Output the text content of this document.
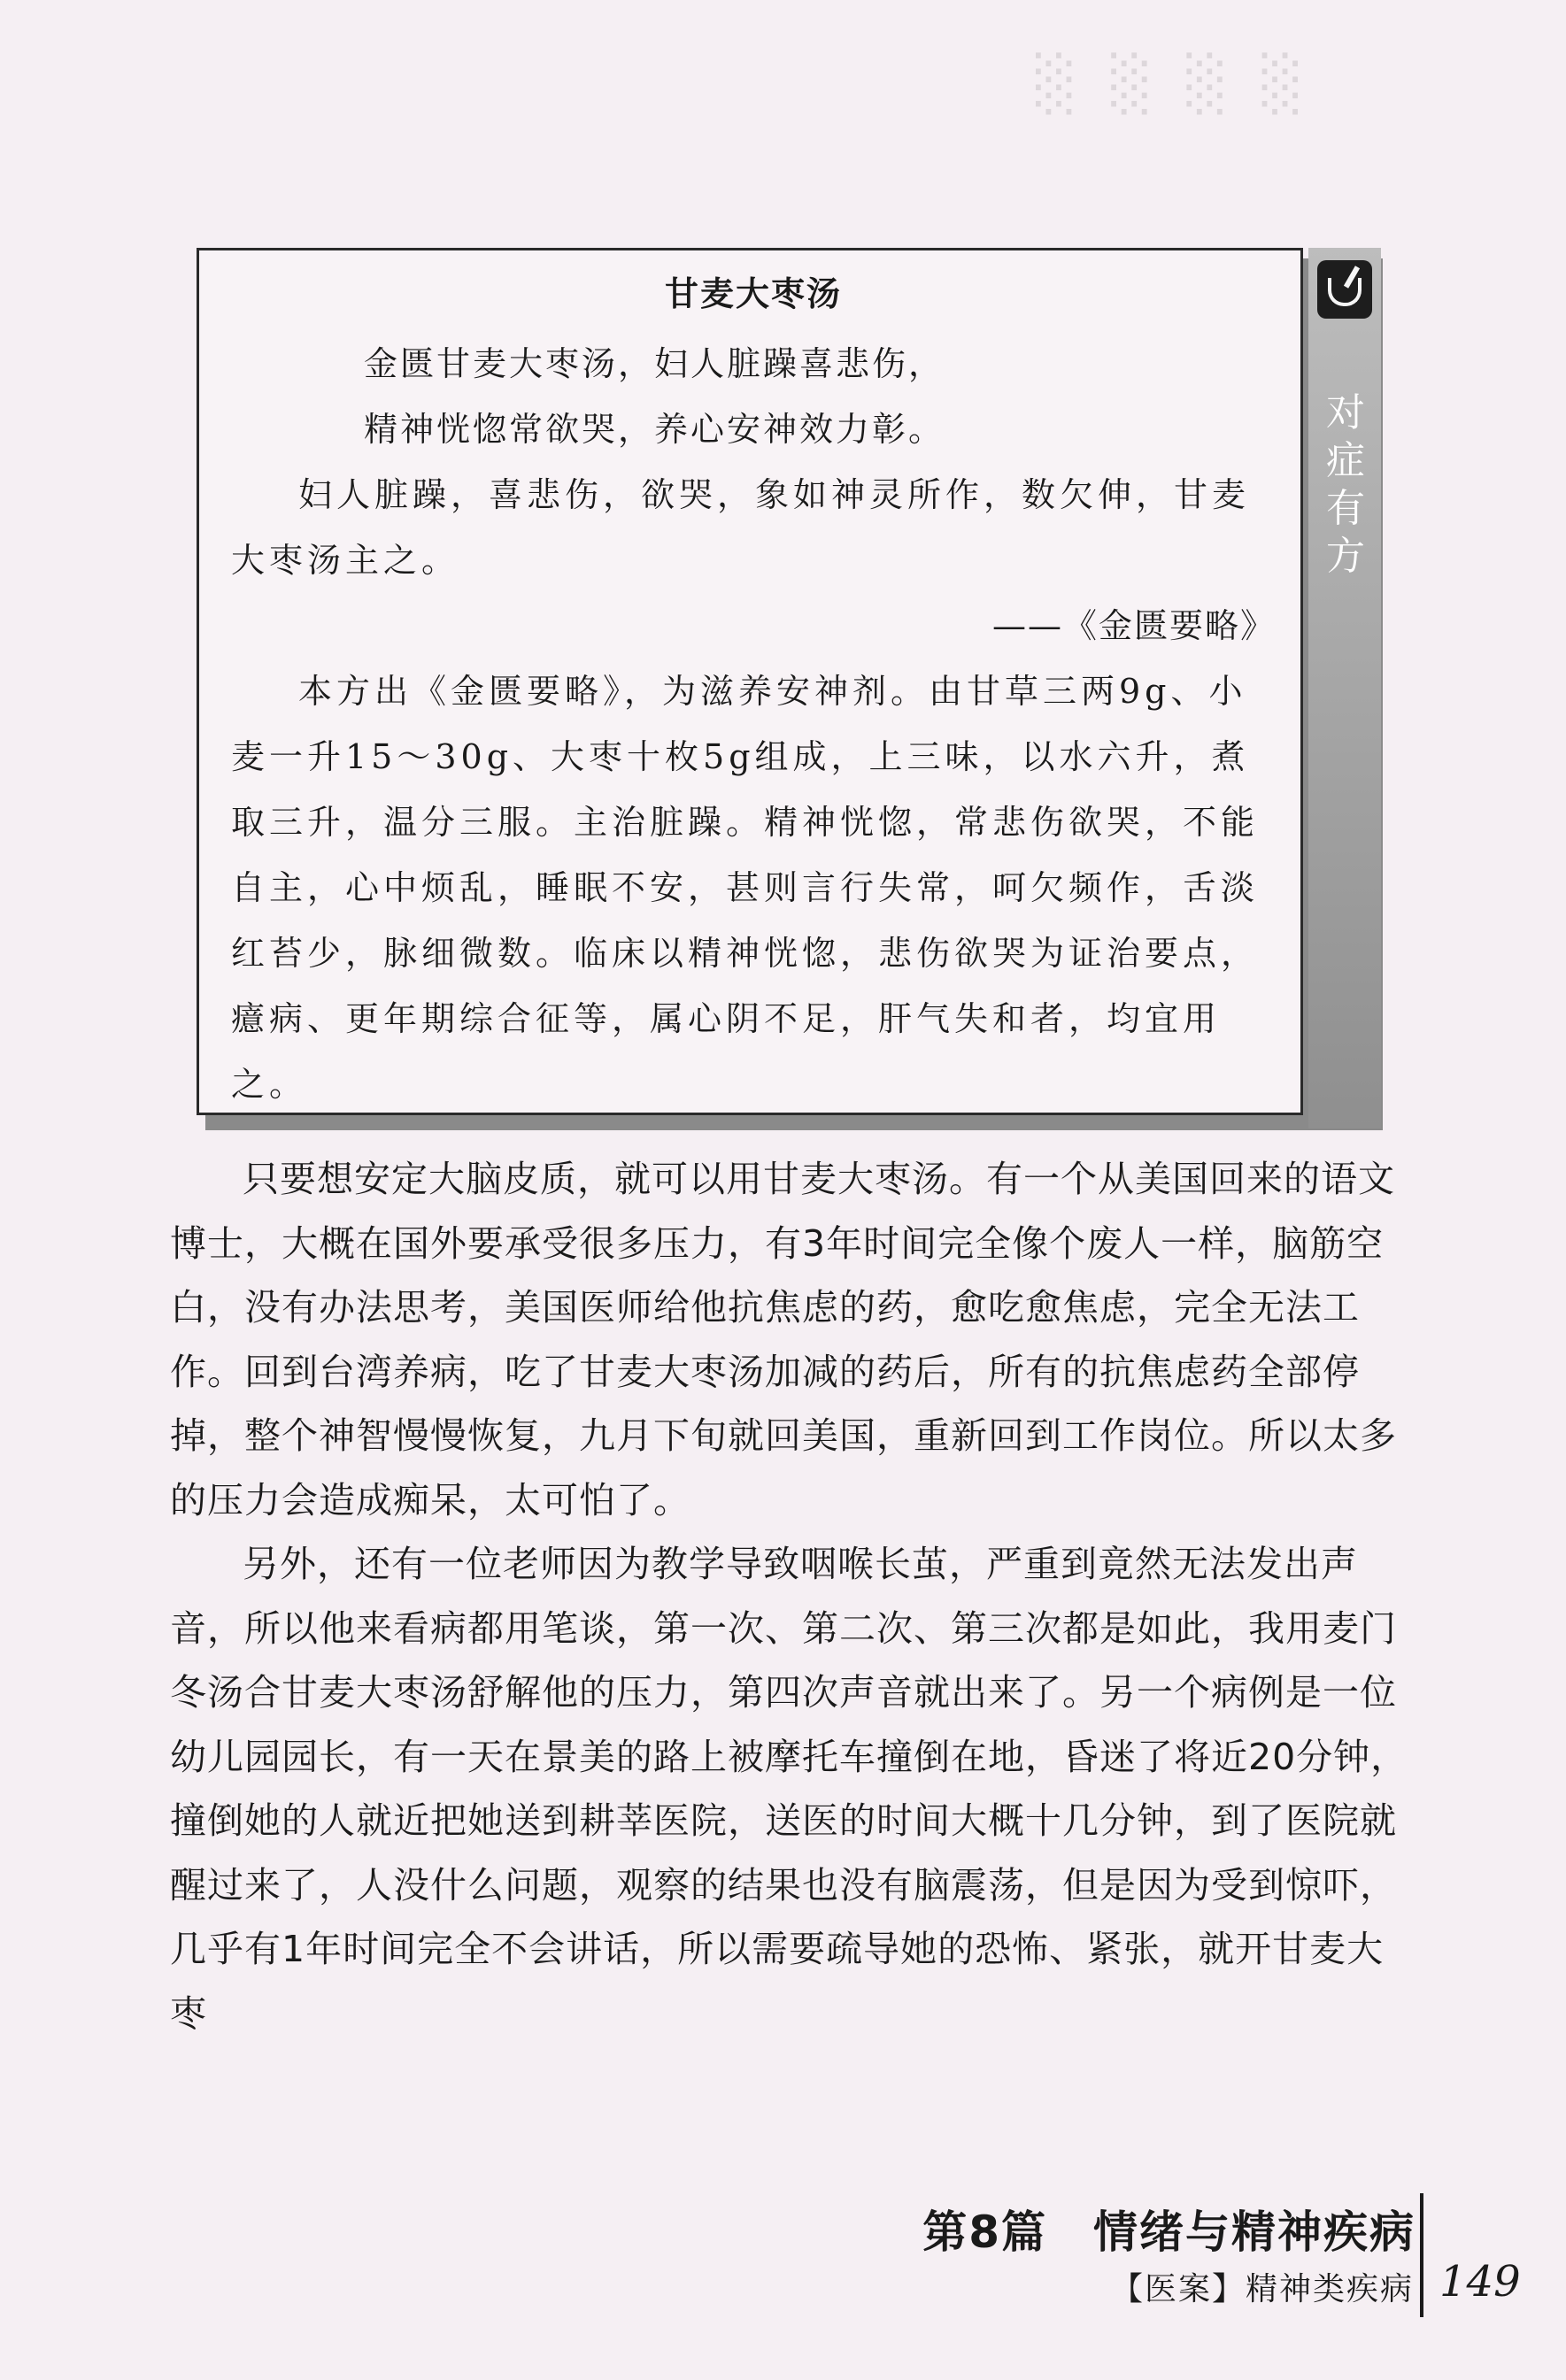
░ ░ ░ ░

甘麦大枣汤

金匮甘麦大枣汤，妇人脏躁喜悲伤，

精神恍惚常欲哭，养心安神效力彰。

妇人脏躁，喜悲伤，欲哭，象如神灵所作，数欠伸，甘麦大枣汤主之。

——《金匮要略》

本方出《金匮要略》，为滋养安神剂。由甘草三两9g、小麦一升15～30g、大枣十枚5g组成，上三味，以水六升，煮取三升，温分三服。主治脏躁。精神恍惚，常悲伤欲哭，不能自主，心中烦乱，睡眠不安，甚则言行失常，呵欠频作，舌淡红苔少，脉细微数。临床以精神恍惚，悲伤欲哭为证治要点，癔病、更年期综合征等，属心阴不足，肝气失和者，均宜用之。

对症有方

只要想安定大脑皮质，就可以用甘麦大枣汤。有一个从美国回来的语文博士，大概在国外要承受很多压力，有3年时间完全像个废人一样，脑筋空白，没有办法思考，美国医师给他抗焦虑的药，愈吃愈焦虑，完全无法工作。回到台湾养病，吃了甘麦大枣汤加减的药后，所有的抗焦虑药全部停掉，整个神智慢慢恢复，九月下旬就回美国，重新回到工作岗位。所以太多的压力会造成痴呆，太可怕了。

另外，还有一位老师因为教学导致咽喉长茧，严重到竟然无法发出声音，所以他来看病都用笔谈，第一次、第二次、第三次都是如此，我用麦门冬汤合甘麦大枣汤舒解他的压力，第四次声音就出来了。另一个病例是一位幼儿园园长，有一天在景美的路上被摩托车撞倒在地，昏迷了将近20分钟，撞倒她的人就近把她送到耕莘医院，送医的时间大概十几分钟，到了医院就醒过来了，人没什么问题，观察的结果也没有脑震荡，但是因为受到惊吓，几乎有1年时间完全不会讲话，所以需要疏导她的恐怖、紧张，就开甘麦大枣

第8篇　情绪与精神疾病
【医案】精神类疾病 149
